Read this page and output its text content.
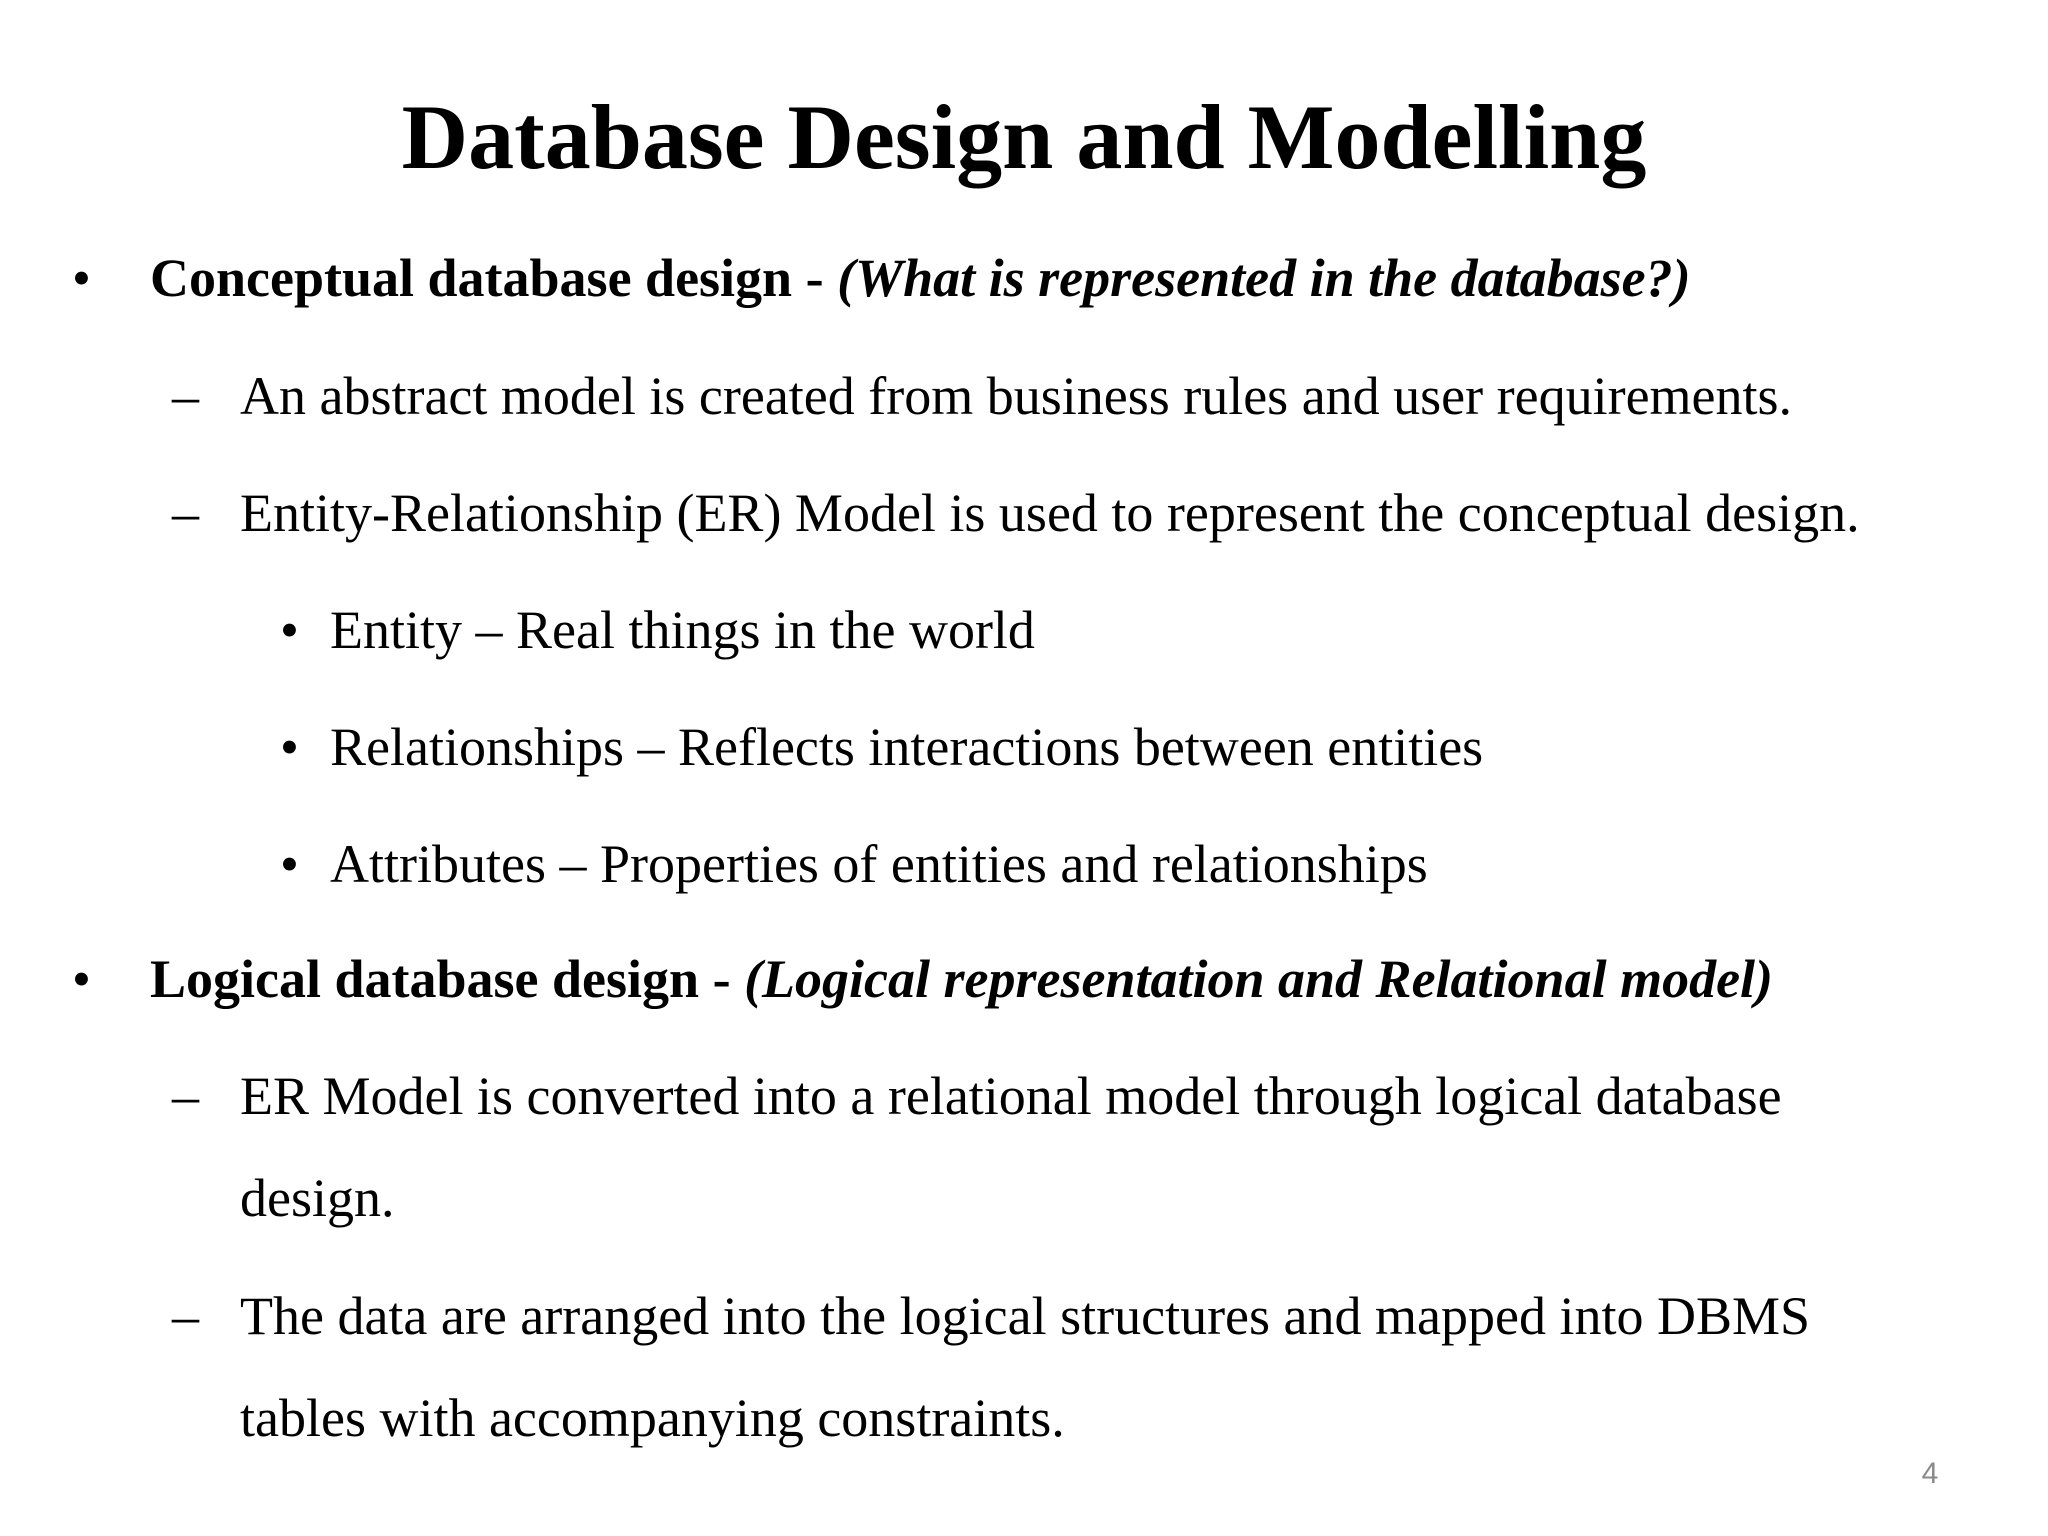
Database Design and Modelling
• Conceptual database design - (What is represented in the database?)
– An abstract model is created from business rules and user requirements.
– Entity-Relationship (ER) Model is used to represent the conceptual design.
• Entity – Real things in the world
• Relationships – Reflects interactions between entities
• Attributes – Properties of entities and relationships
• Logical database design - (Logical representation and Relational model)
– ER Model is converted into a relational model through logical database
design.
– The data are arranged into the logical structures and mapped into DBMS
tables with accompanying constraints.
4
